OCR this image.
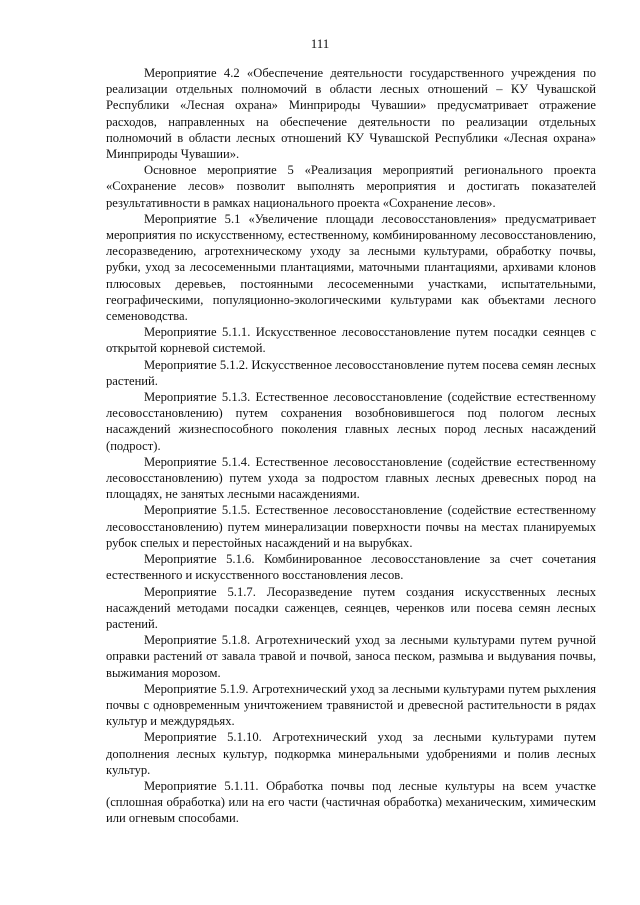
111

Мероприятие 4.2 «Обеспечение деятельности государственного учреждения по реализации отдельных полномочий в области лесных отношений – КУ Чувашской Республики «Лесная охрана» Минприроды Чувашии» предусматривает отражение расходов, направленных на обеспечение деятельности по реализации отдельных полномочий в области лесных отношений КУ Чувашской Республики «Лесная охрана» Минприроды Чувашии».

Основное мероприятие 5 «Реализация мероприятий регионального проекта «Сохранение лесов» позволит выполнять мероприятия и достигать показателей результативности в рамках национального проекта «Сохранение лесов».

Мероприятие 5.1 «Увеличение площади лесовосстановления» предусматривает мероприятия по искусственному, естественному, комбинированному лесовосстановлению, лесоразведению, агротехническому уходу за лесными культурами, обработку почвы, рубки, уход за лесосеменными плантациями, маточными плантациями, архивами клонов плюсовых деревьев, постоянными лесосеменными участками, испытательными, географическими, популяционно-экологическими культурами как объектами лесного семеноводства.

Мероприятие 5.1.1. Искусственное лесовосстановление путем посадки сеянцев с открытой корневой системой.

Мероприятие 5.1.2. Искусственное лесовосстановление путем посева семян лесных растений.

Мероприятие 5.1.3. Естественное лесовосстановление (содействие естественному лесовосстановлению) путем сохранения возобновившегося под пологом лесных насаждений жизнеспособного поколения главных лесных пород лесных насаждений (подрост).

Мероприятие 5.1.4. Естественное лесовосстановление (содействие естественному лесовосстановлению) путем ухода за подростом главных лесных древесных пород на площадях, не занятых лесными насаждениями.

Мероприятие 5.1.5. Естественное лесовосстановление (содействие естественному лесовосстановлению) путем минерализации поверхности почвы на местах планируемых рубок спелых и перестойных насаждений и на вырубках.

Мероприятие 5.1.6. Комбинированное лесовосстановление за счет сочетания естественного и искусственного восстановления лесов.

Мероприятие 5.1.7. Лесоразведение путем создания искусственных лесных насаждений методами посадки саженцев, сеянцев, черенков или посева семян лесных растений.

Мероприятие 5.1.8. Агротехнический уход за лесными культурами путем ручной оправки растений от завала травой и почвой, заноса песком, размыва и выдувания почвы, выжимания морозом.

Мероприятие 5.1.9. Агротехнический уход за лесными культурами путем рыхления почвы с одновременным уничтожением травянистой и древесной растительности в рядах культур и междурядьях.

Мероприятие 5.1.10. Агротехнический уход за лесными культурами путем дополнения лесных культур, подкормка минеральными удобрениями и полив лесных культур.

Мероприятие 5.1.11. Обработка почвы под лесные культуры на всем участке (сплошная обработка) или на его части (частичная обработка) механическим, химическим или огневым способами.
